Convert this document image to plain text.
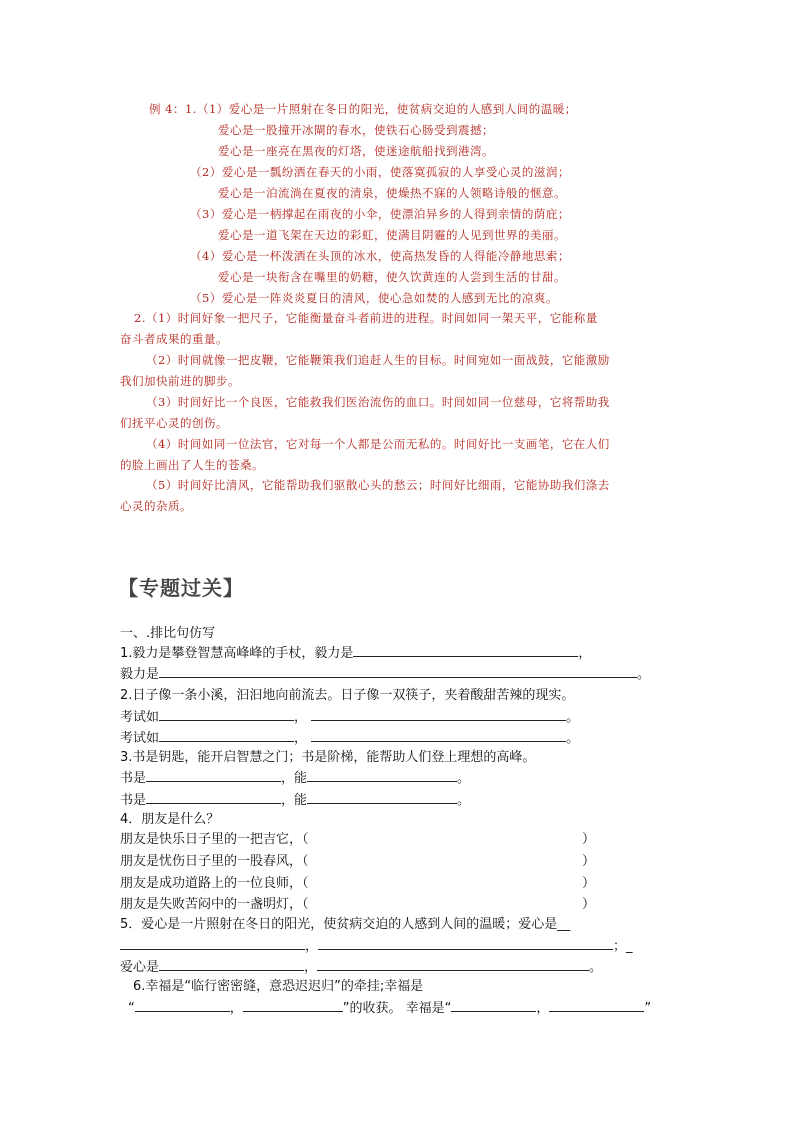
例 4：1.（1）爱心是一片照射在冬日的阳光，使贫病交迫的人感到人间的温暖；
爱心是一股撞开冰閘的春水，使铁石心肠受到震撼；
爱心是一座亮在黑夜的灯塔，使迷途航船找到港湾。
（2）爱心是一瓢纷洒在春天的小雨，使落寞孤寂的人享受心灵的滋润；
爱心是一泊流淌在夏夜的清泉，使燥热不寐的人领略诗般的惬意。
（3）爱心是一柄撑起在雨夜的小伞，使漂泊异乡的人得到亲情的荫庇；
爱心是一道飞架在天边的彩虹，使满目阴霾的人见到世界的美丽。
（4）爱心是一杯泼洒在头顶的冰水，使高热发昏的人得能冷静地思索；
爱心是一块衔含在嘴里的奶糖，使久饮黄连的人尝到生活的甘甜。
（5）爱心是一阵炎炎夏日的清风，使心急如焚的人感到无比的凉爽。
2.（1）时间好象一把尺子，它能衡量奋斗者前进的进程。时间如同一架天平，它能称量
奋斗者成果的重量。
（2）时间就像一把皮鞭，它能鞭策我们追赶人生的目标。时间宛如一面战鼓，它能激励
我们加快前进的脚步。
（3）时间好比一个良医，它能救我们医治流伤的血口。时间如同一位慈母，它将帮助我
们抚平心灵的创伤。
（4）时间如同一位法官，它对每一个人都是公而无私的。时间好比一支画笔，它在人们
的脸上画出了人生的苍桑。
（5）时间好比清风，它能帮助我们驱散心头的愁云；时间好比细雨，它能协助我们涤去
心灵的杂质。
【专题过关】
一、.排比句仿写
1.毅力是攀登智慧高峰峰的手杖，毅力是	，
毅力是	。
2.日子像一条小溪，汩汩地向前流去。日子像一双筷子，夹着酸甜苦辣的现实。
考试如	，	。
考试如	，	。
3.书是钥匙，能开启智慧之门；书是阶梯，能帮助人们登上理想的高峰。
书是	，能	。
书是	，能	。
4．朋友是什么？
朋友是快乐日子里的一把吉它，（	）
朋友是忧伤日子里的一股春风，（	）
朋友是成功道路上的一位良师，（	）
朋友是失败苦闷中的一盏明灯，（	）
5．爱心是一片照射在冬日的阳光，使贫病交迫的人感到人间的温暖；爱心是__
，	；_
爱心是	，	。
6.幸福是“临行密密缝，意恐迟迟归”的牵挂;幸福是
“	，	”的收获。 幸福是“	，	”
